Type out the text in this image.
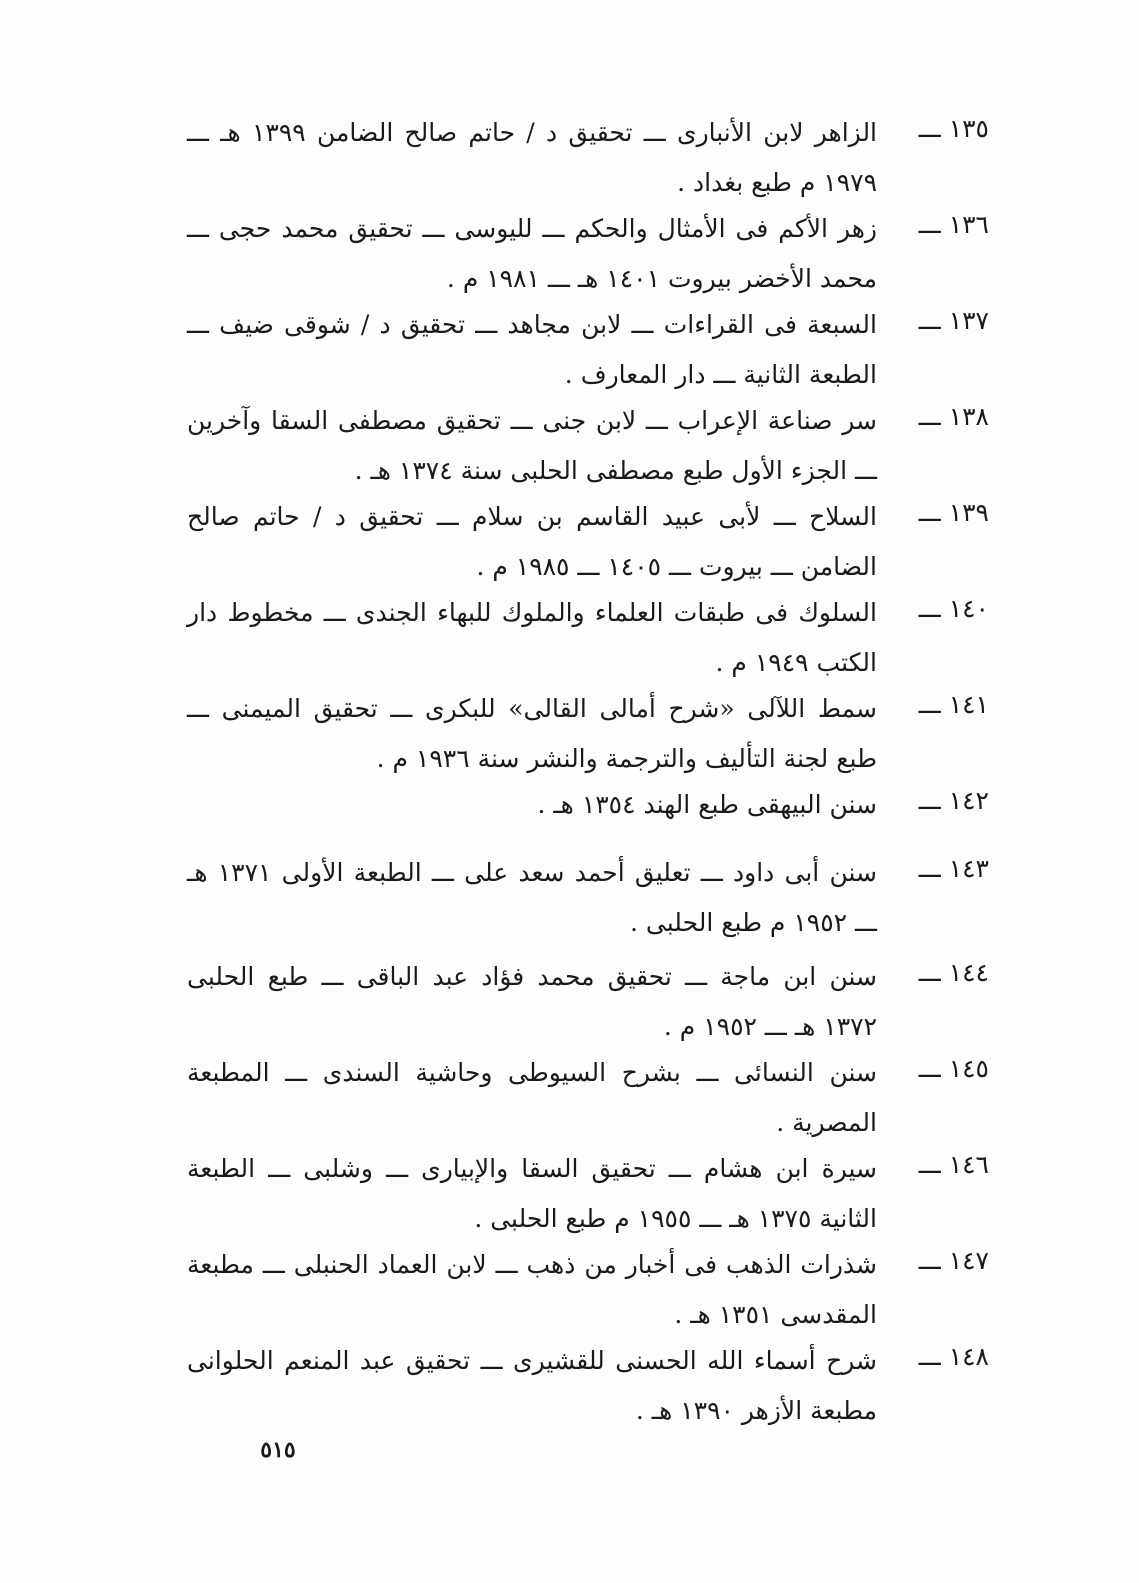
١٣٥ ـــ
الزاهر لابن الأنبارى ـــ تحقيق د / حاتم صالح الضامن ١٣٩٩ هـ ـــ ١٩٧٩ م طبع بغداد .
١٣٦ ـــ
زهر الأكم فى الأمثال والحكم ـــ لليوسى ـــ تحقيق محمد حجى ـــ محمد الأخضر بيروت ١٤٠١ هـ ـــ ١٩٨١ م .
١٣٧ ـــ
السبعة فى القراءات ـــ لابن مجاهد ـــ تحقيق د / شوقى ضيف ـــ الطبعة الثانية ـــ دار المعارف .
١٣٨ ـــ
سر صناعة الإعراب ـــ لابن جنى ـــ تحقيق مصطفى السقا وآخرين ـــ الجزء الأول طبع مصطفى الحلبى سنة ١٣٧٤ هـ .
١٣٩ ـــ
السلاح ـــ لأبى عبيد القاسم بن سلام ـــ تحقيق د / حاتم صالح الضامن ـــ بيروت ـــ ١٤٠٥ ـــ ١٩٨٥ م .
١٤٠ ـــ
السلوك فى طبقات العلماء والملوك للبهاء الجندى ـــ مخطوط دار الكتب ١٩٤٩ م .
١٤١ ـــ
سمط اللآلى «شرح أمالى القالى» للبكرى ـــ تحقيق الميمنى ـــ طبع لجنة التأليف والترجمة والنشر سنة ١٩٣٦ م .
١٤٢ ـــ
سنن البيهقى طبع الهند ١٣٥٤ هـ .
١٤٣ ـــ
سنن أبى داود ـــ تعليق أحمد سعد على ـــ الطبعة الأولى ١٣٧١ هـ ـــ ١٩٥٢ م طبع الحلبى .
١٤٤ ـــ
سنن ابن ماجة ـــ تحقيق محمد فؤاد عبد الباقى ـــ طبع الحلبى ١٣٧٢ هـ ـــ ١٩٥٢ م .
١٤٥ ـــ
سنن النسائى ـــ بشرح السيوطى وحاشية السندى ـــ المطبعة المصرية .
١٤٦ ـــ
سيرة ابن هشام ـــ تحقيق السقا والإبيارى ـــ وشلبى ـــ الطبعة الثانية ١٣٧٥ هـ ـــ ١٩٥٥ م طبع الحلبى .
١٤٧ ـــ
شذرات الذهب فى أخبار من ذهب ـــ لابن العماد الحنبلى ـــ مطبعة المقدسى ١٣٥١ هـ .
١٤٨ ـــ
شرح أسماء الله الحسنى للقشيرى ـــ تحقيق عبد المنعم الحلوانى مطبعة الأزهر ١٣٩٠ هـ .
٥١٥
